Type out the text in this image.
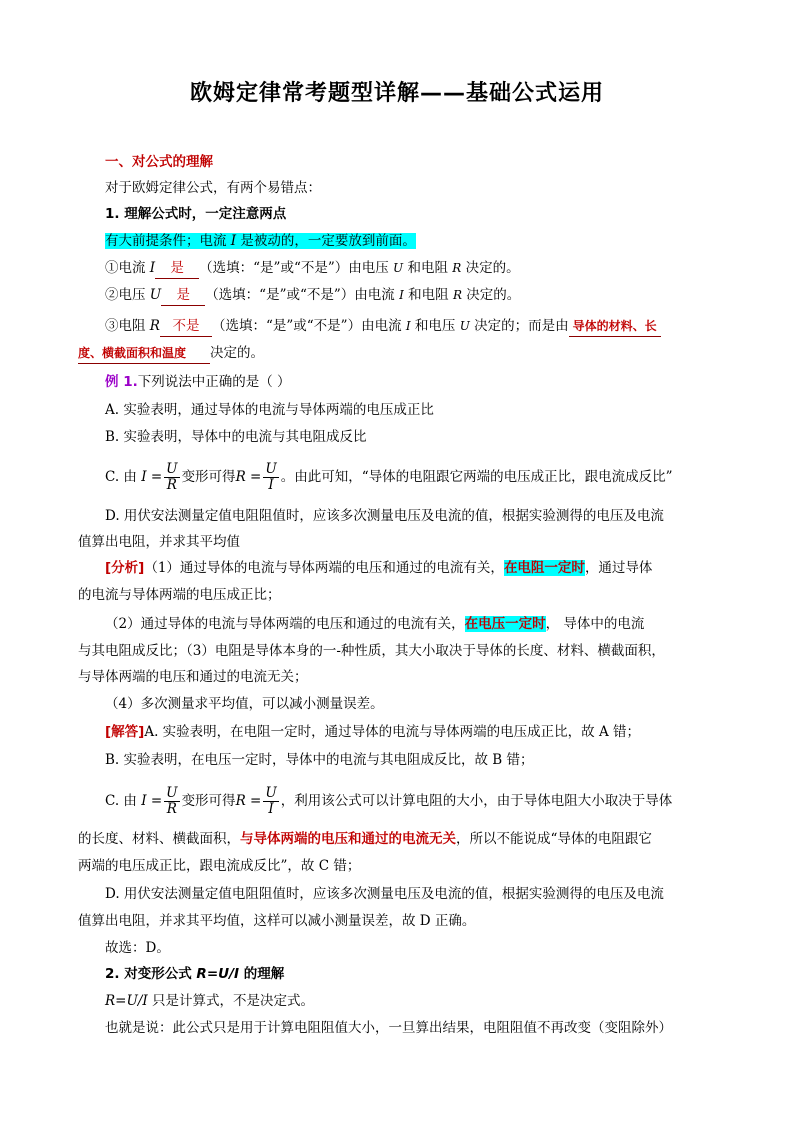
欧姆定律常考题型详解——基础公式运用
一、对公式的理解
对于欧姆定律公式，有两个易错点：
1. 理解公式时，一定注意两点
有大前提条件；电流 I 是被动的，一定要放到前面。
①电流 I 是 （选填：“是”或“不是”）由电压 U 和电阻 R 决定的。
②电压 U 是 （选填：“是”或“不是”）由电流 I 和电阻 R 决定的。
③电阻 R 不是 （选填：“是”或“不是”）由电流 I 和电压 U 决定的；而是由 导体的材料、长
度、横截面积和温度 决定的。
例 1.下列说法中正确的是（ ）
A. 实验表明，通过导体的电流与导体两端的电压成正比
B. 实验表明，导体中的电流与其电阻成反比
C. 由 $I = \frac{U}{R}$ 变形可得$R = \frac{U}{I}$ 。由此可知，“导体的电阻跟它两端的电压成正比，跟电流成反比”
D. 用伏安法测量定值电阻阻值时，应该多次测量电压及电流的值，根据实验测得的电压及电流
值算出电阻，并求其平均值
[分析]（1）通过导体的电流与导体两端的电压和通过的电流有关，在电阻一定时，通过导体
的电流与导体两端的电压成正比；
（2）通过导体的电流与导体两端的电压和通过的电流有关，在电压一定时， 导体中的电流
与其电阻成反比；（3）电阻是导体本身的一-种性质，其大小取决于导体的长度、材料、横截面积，
与导体两端的电压和通过的电流无关；
（4）多次测量求平均值，可以减小测量误差。
[解答]A. 实验表明，在电阻一定时，通过导体的电流与导体两端的电压成正比，故 A 错；
B. 实验表明，在电压一定时，导体中的电流与其电阻成反比，故 B 错；
C. 由 $I = \frac{U}{R}$ 变形可得$R = \frac{U}{I}$ ，利用该公式可以计算电阻的大小，由于导体电阻大小取决于导体
的长度、材料、横截面积，与导体两端的电压和通过的电流无关，所以不能说成“导体的电阻跟它
两端的电压成正比，跟电流成反比”，故 C 错；
D. 用伏安法测量定值电阻阻值时，应该多次测量电压及电流的值，根据实验测得的电压及电流
值算出电阻，并求其平均值，这样可以减小测量误差，故 D 正确。
故选：D。
2. 对变形公式 R=U/I 的理解
R=U/I 只是计算式，不是决定式。
也就是说：此公式只是用于计算电阻阻值大小，一旦算出结果，电阻阻值不再改变（变阻除外）
